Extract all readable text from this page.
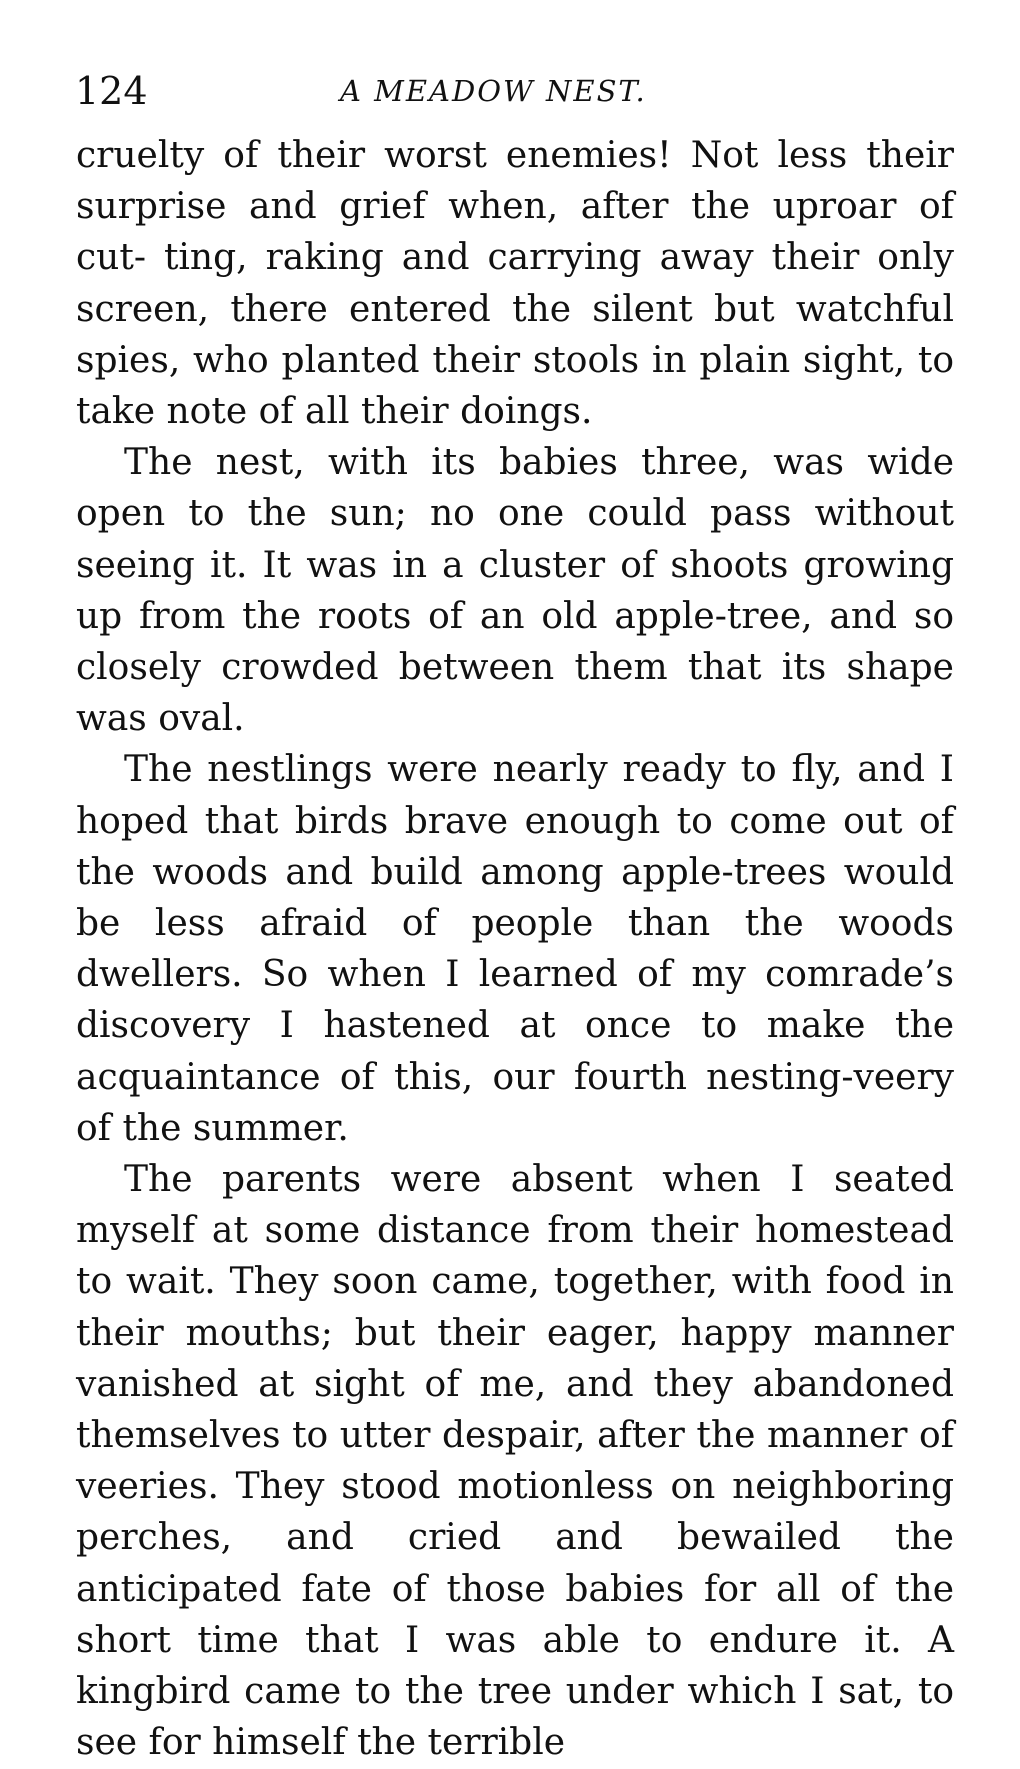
124	A MEADOW NEST.

cruelty of their worst enemies! Not less their surprise and grief when, after the uproar of cut- ting, raking and carrying away their only screen, there entered the silent but watchful spies, who planted their stools in plain sight, to take note of all their doings.

The nest, with its babies three, was wide open to the sun; no one could pass without seeing it. It was in a cluster of shoots growing up from the roots of an old apple-tree, and so closely crowded between them that its shape was oval.

The nestlings were nearly ready to fly, and I hoped that birds brave enough to come out of the woods and build among apple-trees would be less afraid of people than the woods dwellers. So when I learned of my comrade’s discovery I hastened at once to make the acquaintance of this, our fourth nesting-veery of the summer.

The parents were absent when I seated myself at some distance from their homestead to wait. They soon came, together, with food in their mouths; but their eager, happy manner vanished at sight of me, and they abandoned themselves to utter despair, after the manner of veeries. They stood motionless on neighboring perches, and cried and bewailed the anticipated fate of those babies for all of the short time that I was able to endure it. A kingbird came to the tree under which I sat, to see for himself the terrible
